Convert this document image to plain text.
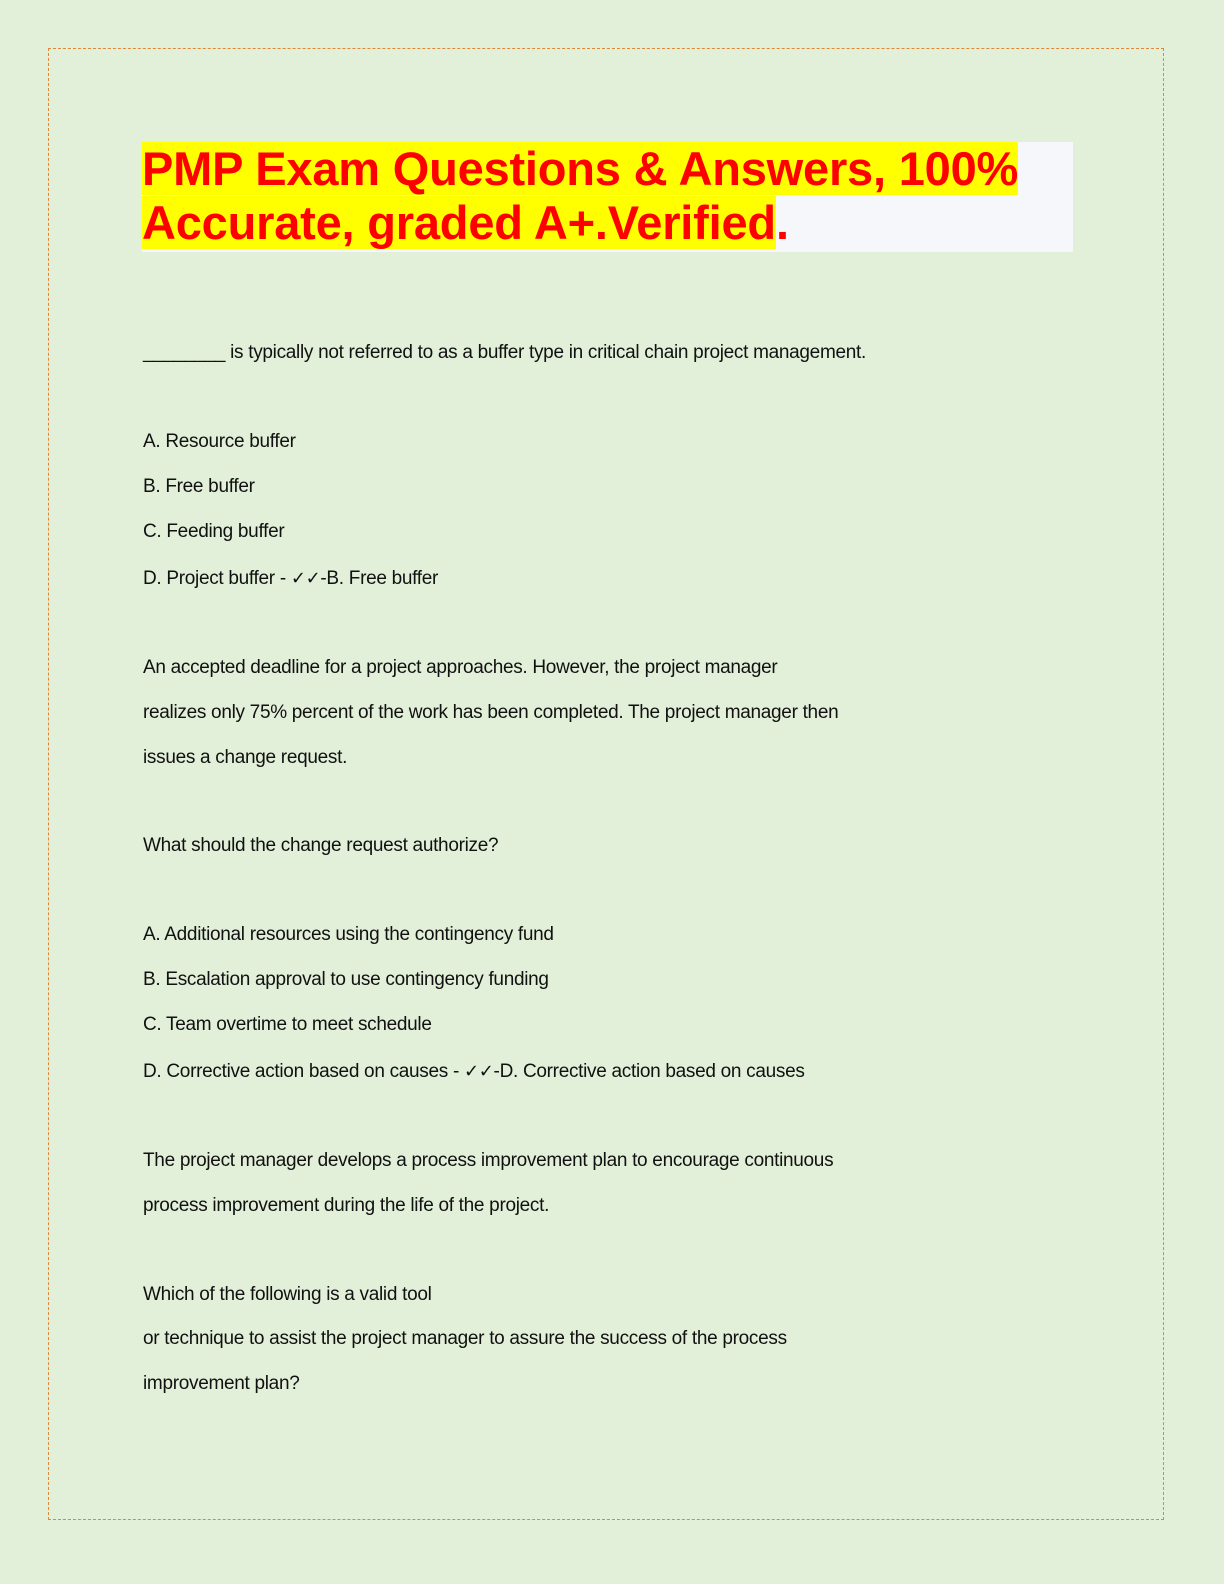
PMP Exam Questions & Answers, 100%
Accurate, graded A+.Verified.
________ is typically not referred to as a buffer type in critical chain project management.
A. Resource buffer
B. Free buffer
C. Feeding buffer
D. Project buffer - ✓✓-B. Free buffer
An accepted deadline for a project approaches. However, the project manager
realizes only 75% percent of the work has been completed. The project manager then
issues a change request.
What should the change request authorize?
A. Additional resources using the contingency fund
B. Escalation approval to use contingency funding
C. Team overtime to meet schedule
D. Corrective action based on causes - ✓✓-D. Corrective action based on causes
The project manager develops a process improvement plan to encourage continuous
process improvement during the life of the project.
Which of the following is a valid tool
or technique to assist the project manager to assure the success of the process
improvement plan?
